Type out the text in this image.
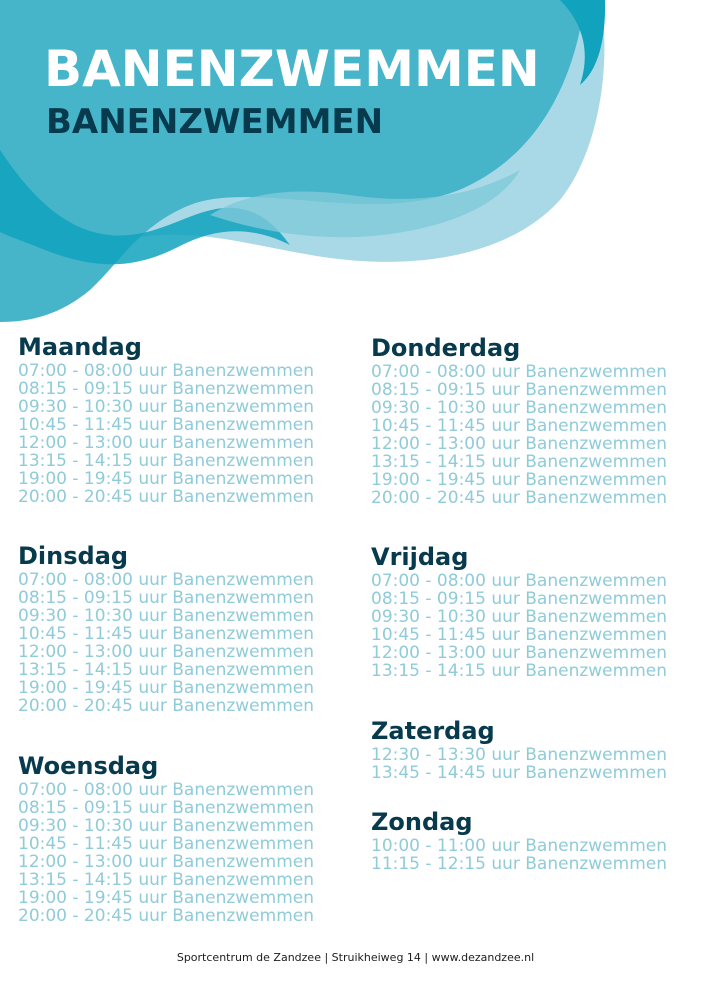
BANENZWEMMEN
BANENZWEMMEN
Maandag
07:00 - 08:00 uur Banenzwemmen
08:15 - 09:15 uur Banenzwemmen
09:30 - 10:30 uur Banenzwemmen
10:45 - 11:45 uur Banenzwemmen
12:00 - 13:00 uur Banenzwemmen
13:15 - 14:15 uur Banenzwemmen
19:00 - 19:45 uur Banenzwemmen
20:00 - 20:45 uur Banenzwemmen
Dinsdag
07:00 - 08:00 uur Banenzwemmen
08:15 - 09:15 uur Banenzwemmen
09:30 - 10:30 uur Banenzwemmen
10:45 - 11:45 uur Banenzwemmen
12:00 - 13:00 uur Banenzwemmen
13:15 - 14:15 uur Banenzwemmen
19:00 - 19:45 uur Banenzwemmen
20:00 - 20:45 uur Banenzwemmen
Woensdag
07:00 - 08:00 uur Banenzwemmen
08:15 - 09:15 uur Banenzwemmen
09:30 - 10:30 uur Banenzwemmen
10:45 - 11:45 uur Banenzwemmen
12:00 - 13:00 uur Banenzwemmen
13:15 - 14:15 uur Banenzwemmen
19:00 - 19:45 uur Banenzwemmen
20:00 - 20:45 uur Banenzwemmen
Donderdag
07:00 - 08:00 uur Banenzwemmen
08:15 - 09:15 uur Banenzwemmen
09:30 - 10:30 uur Banenzwemmen
10:45 - 11:45 uur Banenzwemmen
12:00 - 13:00 uur Banenzwemmen
13:15 - 14:15 uur Banenzwemmen
19:00 - 19:45 uur Banenzwemmen
20:00 - 20:45 uur Banenzwemmen
Vrijdag
07:00 - 08:00 uur Banenzwemmen
08:15 - 09:15 uur Banenzwemmen
09:30 - 10:30 uur Banenzwemmen
10:45 - 11:45 uur Banenzwemmen
12:00 - 13:00 uur Banenzwemmen
13:15 - 14:15 uur Banenzwemmen
Zaterdag
12:30 - 13:30 uur Banenzwemmen
13:45 - 14:45 uur Banenzwemmen
Zondag
10:00 - 11:00 uur Banenzwemmen
11:15 - 12:15 uur Banenzwemmen
Sportcentrum de Zandzee | Struikheiweg 14 | www.dezandzee.nl
